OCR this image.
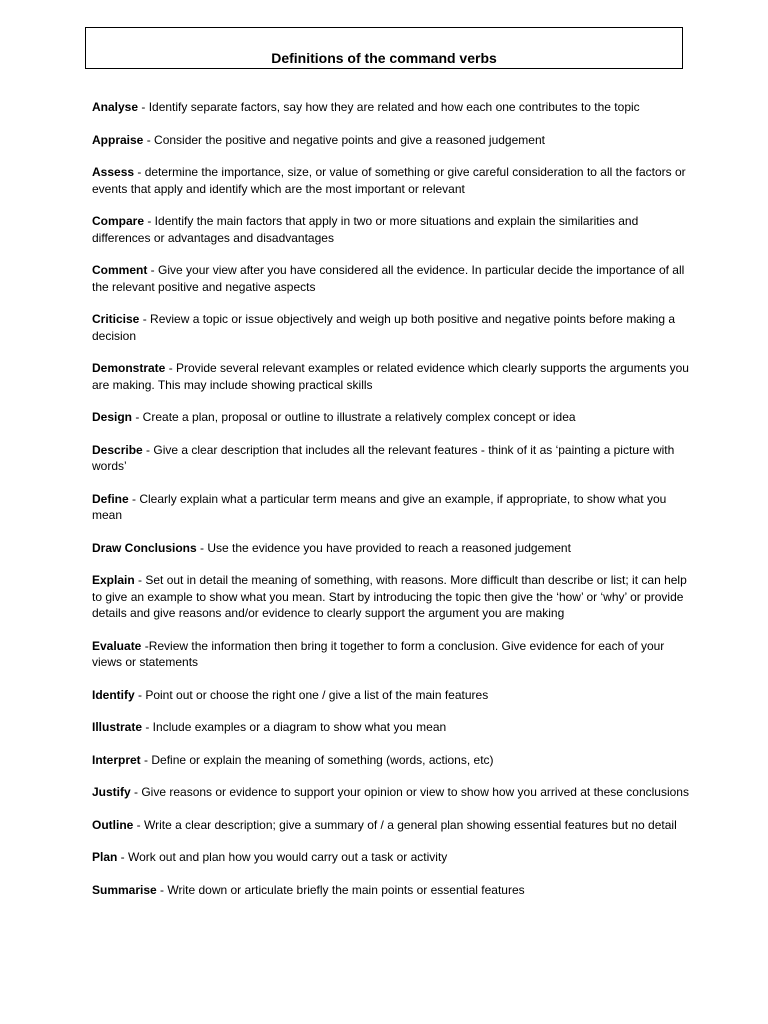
Definitions of the command verbs
Analyse - Identify separate factors, say how they are related and how each one contributes to the topic
Appraise - Consider the positive and negative points and give a reasoned judgement
Assess - determine the importance, size, or value of something or give careful consideration to all the factors or events that apply and identify which are the most important or relevant
Compare - Identify the main factors that apply in two or more situations and explain the similarities and differences or advantages and disadvantages
Comment - Give your view after you have considered all the evidence. In particular decide the importance of all the relevant positive and negative aspects
Criticise - Review a topic or issue objectively and weigh up both positive and negative points before making a decision
Demonstrate - Provide several relevant examples or related evidence which clearly supports the arguments you are making. This may include showing practical skills
Design - Create a plan, proposal or outline to illustrate a relatively complex concept or idea
Describe - Give a clear description that includes all the relevant features - think of it as ‘painting a picture with words’
Define - Clearly explain what a particular term means and give an example, if appropriate, to show what you mean
Draw Conclusions - Use the evidence you have provided to reach a reasoned judgement
Explain - Set out in detail the meaning of something, with reasons. More difficult than describe or list; it can help to give an example to show what you mean. Start by introducing the topic then give the ‘how’ or ‘why’ or provide details and give reasons and/or evidence to clearly support the argument you are making
Evaluate -Review the information then bring it together to form a conclusion. Give evidence for each of your views or statements
Identify - Point out or choose the right one / give a list of the main features
Illustrate - Include examples or a diagram to show what you mean
Interpret - Define or explain the meaning of something (words, actions, etc)
Justify - Give reasons or evidence to support your opinion or view to show how you arrived at these conclusions
Outline - Write a clear description; give a summary of / a general plan showing essential features but no detail
Plan - Work out and plan how you would carry out a task or activity
Summarise - Write down or articulate briefly the main points or essential features
